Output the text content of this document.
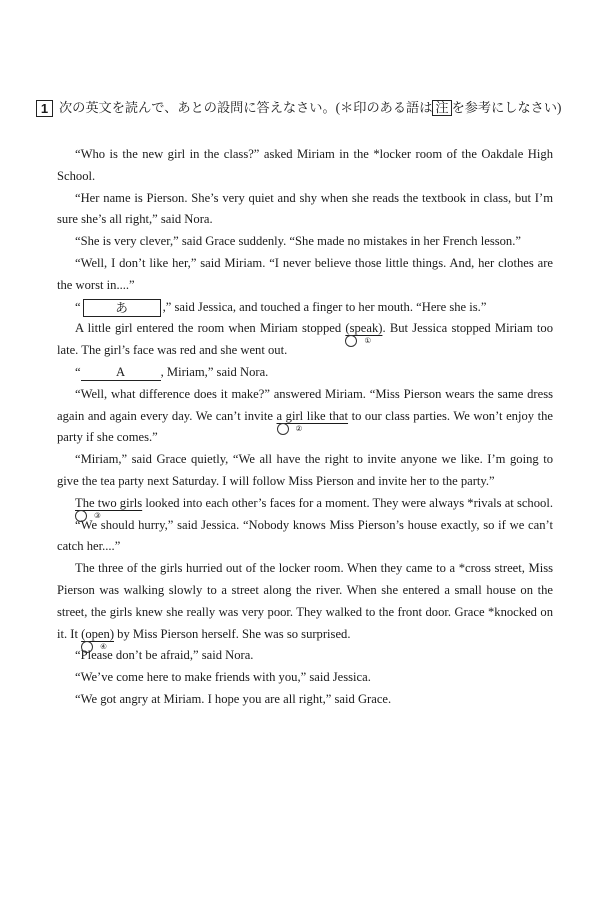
1 次の英文を読んで、あとの設問に答えなさい。(＊印のある語は 注 を参考にしなさい)

“Who is the new girl in the class?” asked Miriam in the *locker room of the Oakdale High School.

“Her name is Pierson. She’s very quiet and shy when she reads the textbook in class, but I’m sure she’s all right,” said Nora.

“She is very clever,” said Grace suddenly. “She made no mistakes in her French lesson.”

“Well, I don’t like her,” said Miriam. “I never believe those little things. And, her clothes are the worst in....”

“	あ	,” said Jessica, and touched a finger to her mouth. “Here she is.”

A little girl entered the room when Miriam stopped (speak)
①
. But Jessica stopped Miriam too late. The girl’s face was red and she went out.

“	A	, Miriam,” said Nora.

“Well, what difference does it make?” answered Miriam. “Miss Pierson wears the same dress again and again every day. We can’t invite a girl like that
②
to our class parties. We won’t enjoy the party if she comes.”

“Miriam,” said Grace quietly, “We all have the right to invite anyone we like. I’m going to give the tea party next Saturday. I will follow Miss Pierson and invite her to the party.”

The two girls
③
looked into each other’s faces for a moment. They were always *rivals at school.

“We should hurry,” said Jessica. “Nobody knows Miss Pierson’s house exactly, so if we can’t catch her....”

The three of the girls hurried out of the locker room. When they came to a *cross street, Miss Pierson was walking slowly to a street along the river. When she entered a small house on the street, the girls knew she really was very poor. They walked to the front door. Grace *knocked on it. It (open)
④
by Miss Pierson herself. She was so surprised.

“Please don’t be afraid,” said Nora.

“We’ve come here to make friends with you,” said Jessica.

“We got angry at Miriam. I hope you are all right,” said Grace.
